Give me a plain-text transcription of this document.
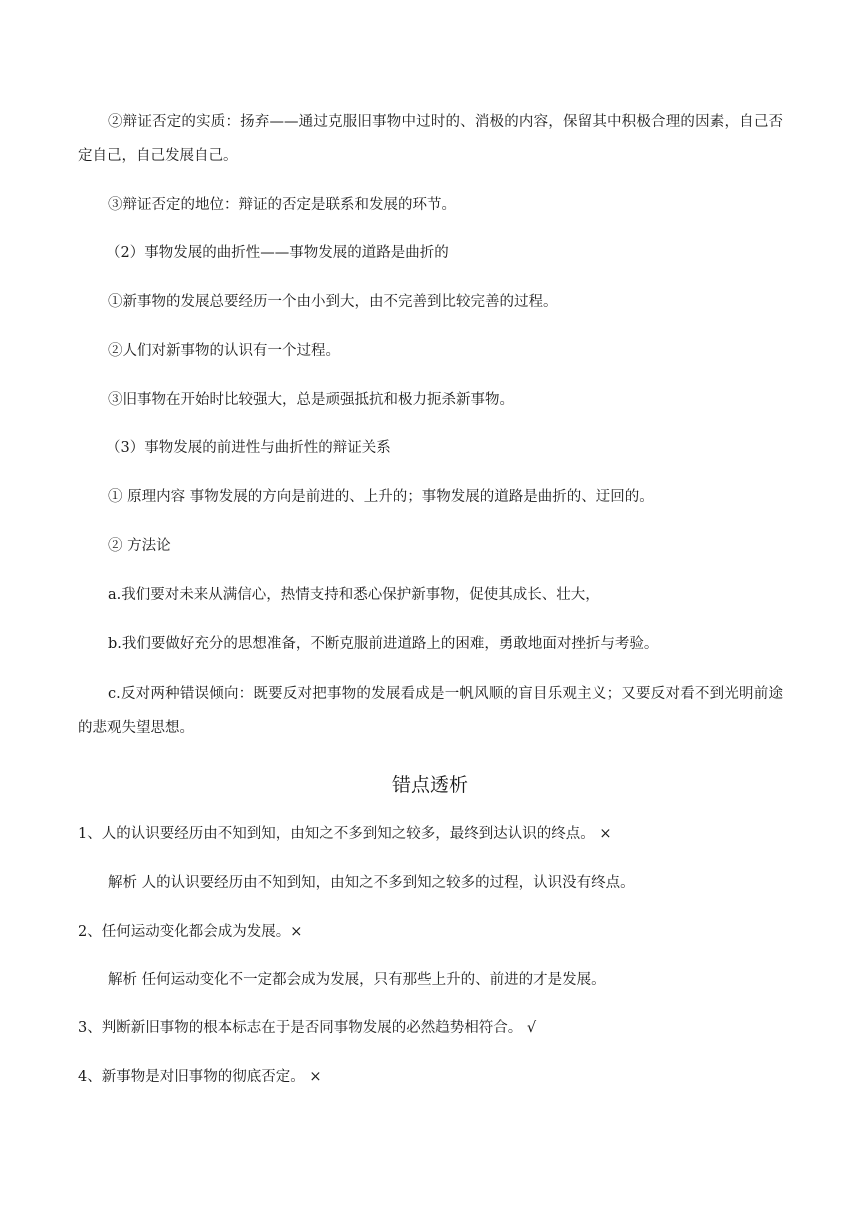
②辩证否定的实质：扬弃——通过克服旧事物中过时的、消极的内容，保留其中积极合理的因素，自己否定自己，自己发展自己。
③辩证否定的地位：辩证的否定是联系和发展的环节。
（2）事物发展的曲折性——事物发展的道路是曲折的
①新事物的发展总要经历一个由小到大，由不完善到比较完善的过程。
②人们对新事物的认识有一个过程。
③旧事物在开始时比较强大，总是顽强抵抗和极力扼杀新事物。
（3）事物发展的前进性与曲折性的辩证关系
① 原理内容 事物发展的方向是前进的、上升的；事物发展的道路是曲折的、迂回的。
② 方法论
a.我们要对未来从满信心，热情支持和悉心保护新事物，促使其成长、壮大，
b.我们要做好充分的思想准备，不断克服前进道路上的困难，勇敢地面对挫折与考验。
c.反对两种错误倾向：既要反对把事物的发展看成是一帆风顺的盲目乐观主义；又要反对看不到光明前途的悲观失望思想。
错点透析
1、人的认识要经历由不知到知，由知之不多到知之较多，最终到达认识的终点。 ×
解析 人的认识要经历由不知到知，由知之不多到知之较多的过程，认识没有终点。
2、任何运动变化都会成为发展。×
解析 任何运动变化不一定都会成为发展，只有那些上升的、前进的才是发展。
3、判断新旧事物的根本标志在于是否同事物发展的必然趋势相符合。 √
4、新事物是对旧事物的彻底否定。 ×
